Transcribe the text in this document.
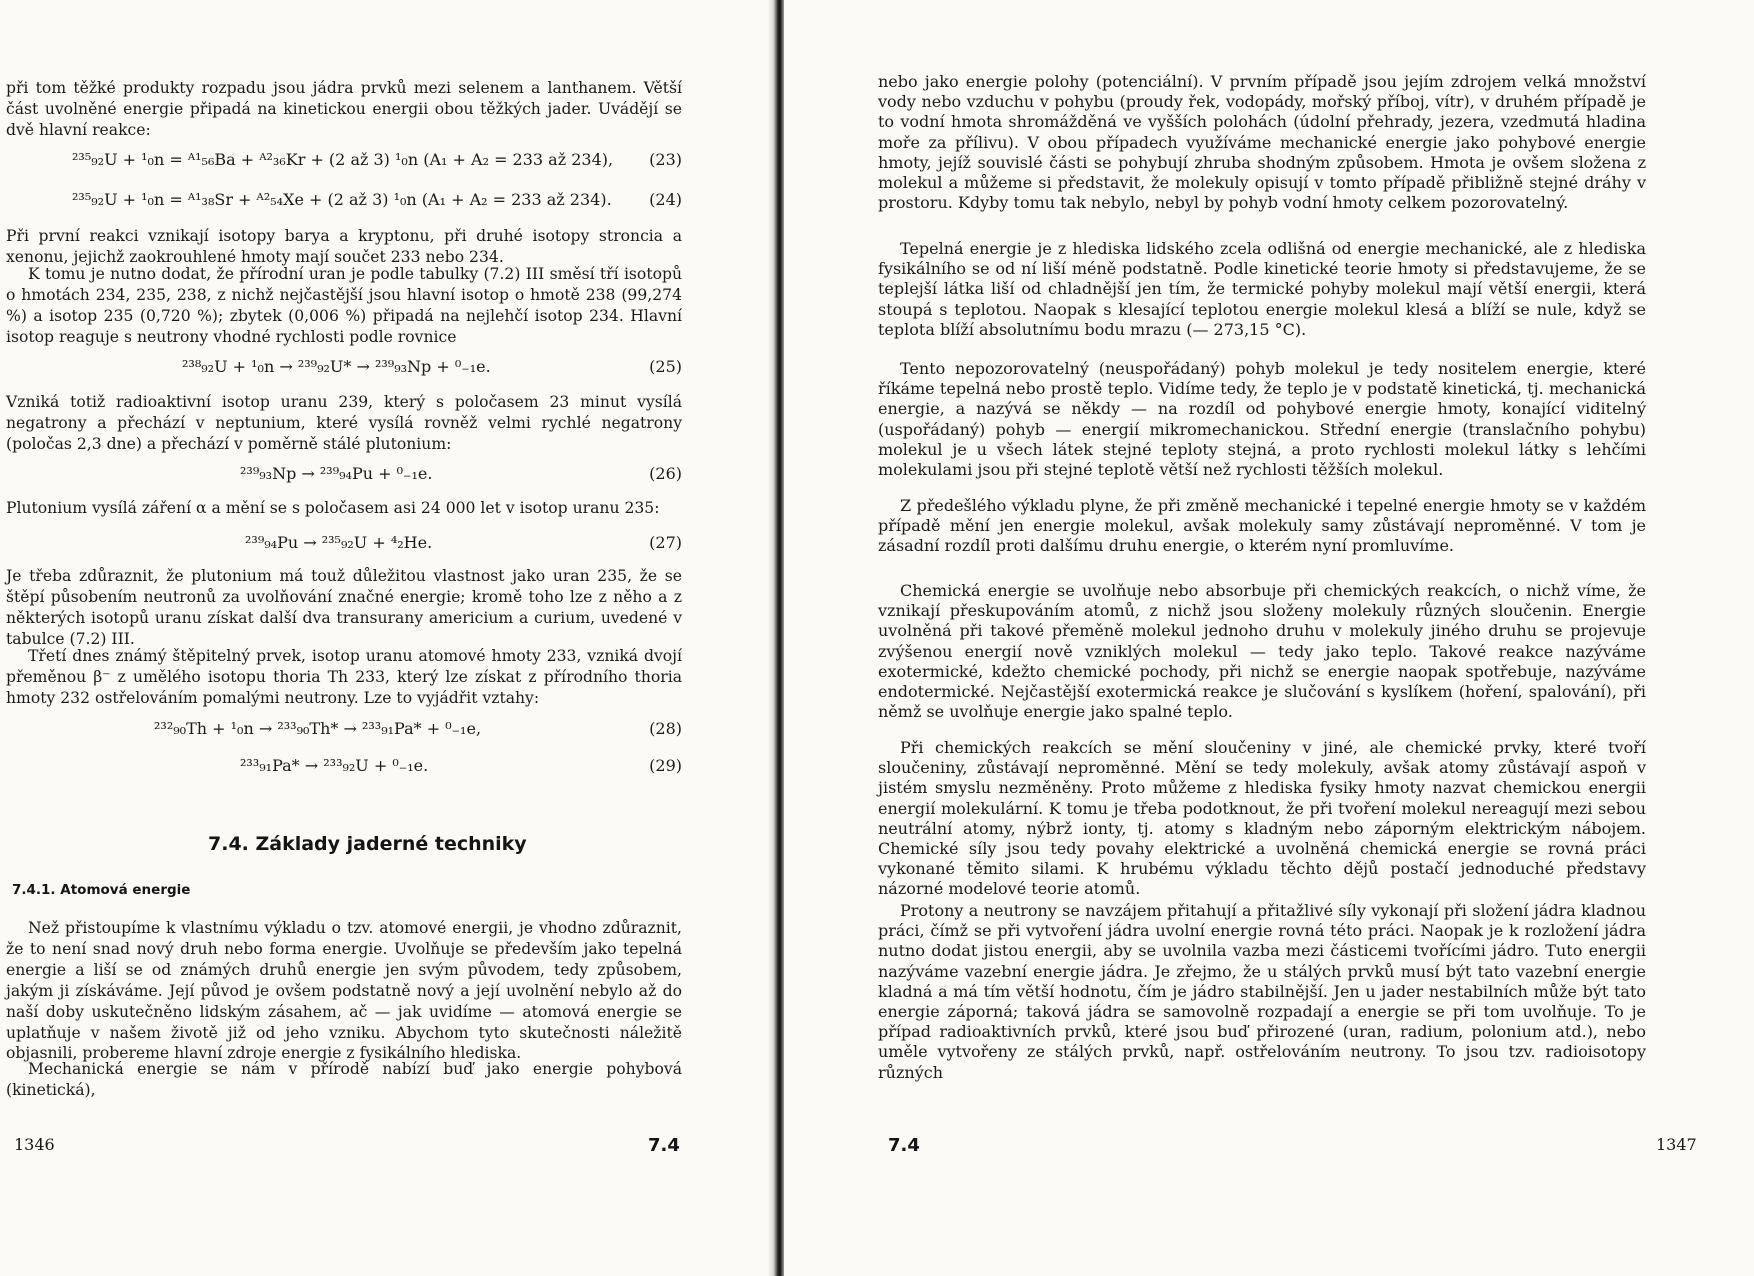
při tom těžké produkty rozpadu jsou jádra prvků mezi selenem a lanthanem. Větší část uvolněné energie připadá na kinetickou energii obou těžkých jader. Uvádějí se dvě hlavní reakce:

²³⁵₉₂U + ¹₀n = ᴬ¹₅₆Ba + ᴬ²₃₆Kr + (2 až 3) ¹₀n (A₁ + A₂ = 233 až 234), (23)
²³⁵₉₂U + ¹₀n = ᴬ¹₃₈Sr + ᴬ²₅₄Xe + (2 až 3) ¹₀n (A₁ + A₂ = 233 až 234). (24)

Při první reakci vznikají isotopy barya a kryptonu, při druhé isotopy stroncia a xenonu, jejichž zaokrouhlené hmoty mají součet 233 nebo 234.

K tomu je nutno dodat, že přírodní uran je podle tabulky (7.2) III směsí tří isotopů o hmotách 234, 235, 238, z nichž nejčastější jsou hlavní isotop o hmotě 238 (99,274 %) a isotop 235 (0,720 %); zbytek (0,006 %) připadá na nejlehčí isotop 234. Hlavní isotop reaguje s neutrony vhodné rychlosti podle rovnice

²³⁸₉₂U + ¹₀n → ²³⁹₉₂U* → ²³⁹₉₃Np + ⁰₋₁e.	(25)

Vzniká totiž radioaktivní isotop uranu 239, který s poločasem 23 minut vysílá negatrony a přechází v neptunium, které vysílá rovněž velmi rychlé negatrony (poločas 2,3 dne) a přechází v poměrně stálé plutonium:

²³⁹₉₃Np → ²³⁹₉₄Pu + ⁰₋₁e.	(26)

Plutonium vysílá záření α a mění se s poločasem asi 24 000 let v isotop uranu 235:

²³⁹₉₄Pu → ²³⁵₉₂U + ⁴₂He.	(27)

Je třeba zdůraznit, že plutonium má touž důležitou vlastnost jako uran 235, že se štěpí působením neutronů za uvolňování značné energie; kromě toho lze z něho a z některých isotopů uranu získat další dva transurany americium a curium, uvedené v tabulce (7.2) III.

Třetí dnes známý štěpitelný prvek, isotop uranu atomové hmoty 233, vzniká dvojí přeměnou β⁻ z umělého isotopu thoria Th 233, který lze získat z přírodního thoria hmoty 232 ostřelováním pomalými neutrony. Lze to vyjádřit vztahy:

²³²₉₀Th + ¹₀n → ²³³₉₀Th* → ²³³₉₁Pa* + ⁰₋₁e,	(28)
²³³₉₁Pa* → ²³³₉₂U + ⁰₋₁e.	(29)
7.4. Základy jaderné techniky
7.4.1. Atomová energie

Než přistoupíme k vlastnímu výkladu o tzv. atomové energii, je vhodno zdůraznit, že to není snad nový druh nebo forma energie. Uvolňuje se především jako tepelná energie a liší se od známých druhů energie jen svým původem, tedy způsobem, jakým ji získáváme. Její původ je ovšem podstatně nový a její uvolnění nebylo až do naší doby uskutečněno lidským zásahem, ač — jak uvidíme — atomová energie se uplatňuje v našem životě již od jeho vzniku. Abychom tyto skutečnosti náležitě objasnili, probereme hlavní zdroje energie z fysikálního hlediska.

Mechanická energie se nám v přírodě nabízí buď jako energie pohybová (kinetická),

1346	7.4

nebo jako energie polohy (potenciální). V prvním případě jsou jejím zdrojem velká množství vody nebo vzduchu v pohybu (proudy řek, vodopády, mořský příboj, vítr), v druhém případě je to vodní hmota shromážděná ve vyšších polohách (údolní přehrady, jezera, vzedmutá hladina moře za přílivu). V obou případech využíváme mechanické energie jako pohybové energie hmoty, jejíž souvislé části se pohybují zhruba shodným způsobem. Hmota je ovšem složena z molekul a můžeme si představit, že molekuly opisují v tomto případě přibližně stejné dráhy v prostoru. Kdyby tomu tak nebylo, nebyl by pohyb vodní hmoty celkem pozorovatelný.

Tepelná energie je z hlediska lidského zcela odlišná od energie mechanické, ale z hlediska fysikálního se od ní liší méně podstatně. Podle kinetické teorie hmoty si představujeme, že se teplejší látka liší od chladnější jen tím, že termické pohyby molekul mají větší energii, která stoupá s teplotou. Naopak s klesající teplotou energie molekul klesá a blíží se nule, když se teplota blíží absolutnímu bodu mrazu (— 273,15 °C).

Tento nepozorovatelný (neuspořádaný) pohyb molekul je tedy nositelem energie, které říkáme tepelná nebo prostě teplo. Vidíme tedy, že teplo je v podstatě kinetická, tj. mechanická energie, a nazývá se někdy — na rozdíl od pohybové energie hmoty, konající viditelný (uspořádaný) pohyb — energií mikromechanickou. Střední energie (translačního pohybu) molekul je u všech látek stejné teploty stejná, a proto rychlosti molekul látky s lehčími molekulami jsou při stejné teplotě větší než rychlosti těžších molekul.

Z předešlého výkladu plyne, že při změně mechanické i tepelné energie hmoty se v každém případě mění jen energie molekul, avšak molekuly samy zůstávají neproměnné. V tom je zásadní rozdíl proti dalšímu druhu energie, o kterém nyní promluvíme.

Chemická energie se uvolňuje nebo absorbuje při chemických reakcích, o nichž víme, že vznikají přeskupováním atomů, z nichž jsou složeny molekuly různých sloučenin. Energie uvolněná při takové přeměně molekul jednoho druhu v molekuly jiného druhu se projevuje zvýšenou energií nově vzniklých molekul — tedy jako teplo. Takové reakce nazýváme exotermické, kdežto chemické pochody, při nichž se energie naopak spotřebuje, nazýváme endotermické. Nejčastější exotermická reakce je slučování s kyslíkem (hoření, spalování), při němž se uvolňuje energie jako spalné teplo.

Při chemických reakcích se mění sloučeniny v jiné, ale chemické prvky, které tvoří sloučeniny, zůstávají neproměnné. Mění se tedy molekuly, avšak atomy zůstávají aspoň v jistém smyslu nezměněny. Proto můžeme z hlediska fysiky hmoty nazvat chemickou energii energií molekulární. K tomu je třeba podotknout, že při tvoření molekul nereagují mezi sebou neutrální atomy, nýbrž ionty, tj. atomy s kladným nebo záporným elektrickým nábojem. Chemické síly jsou tedy povahy elektrické a uvolněná chemická energie se rovná práci vykonané těmito silami. K hrubému výkladu těchto dějů postačí jednoduché představy názorné modelové teorie atomů.

Protony a neutrony se navzájem přitahují a přitažlivé síly vykonají při složení jádra kladnou práci, čímž se při vytvoření jádra uvolní energie rovná této práci. Naopak je k rozložení jádra nutno dodat jistou energii, aby se uvolnila vazba mezi částicemi tvořícími jádro. Tuto energii nazýváme vazební energie jádra. Je zřejmo, že u stálých prvků musí být tato vazební energie kladná a má tím větší hodnotu, čím je jádro stabilnější. Jen u jader nestabilních může být tato energie záporná; taková jádra se samovolně rozpadají a energie se při tom uvolňuje. To je případ radioaktivních prvků, které jsou buď přirozené (uran, radium, polonium atd.), nebo uměle vytvořeny ze stálých prvků, např. ostřelováním neutrony. To jsou tzv. radioisotopy různých

7.4	1347
